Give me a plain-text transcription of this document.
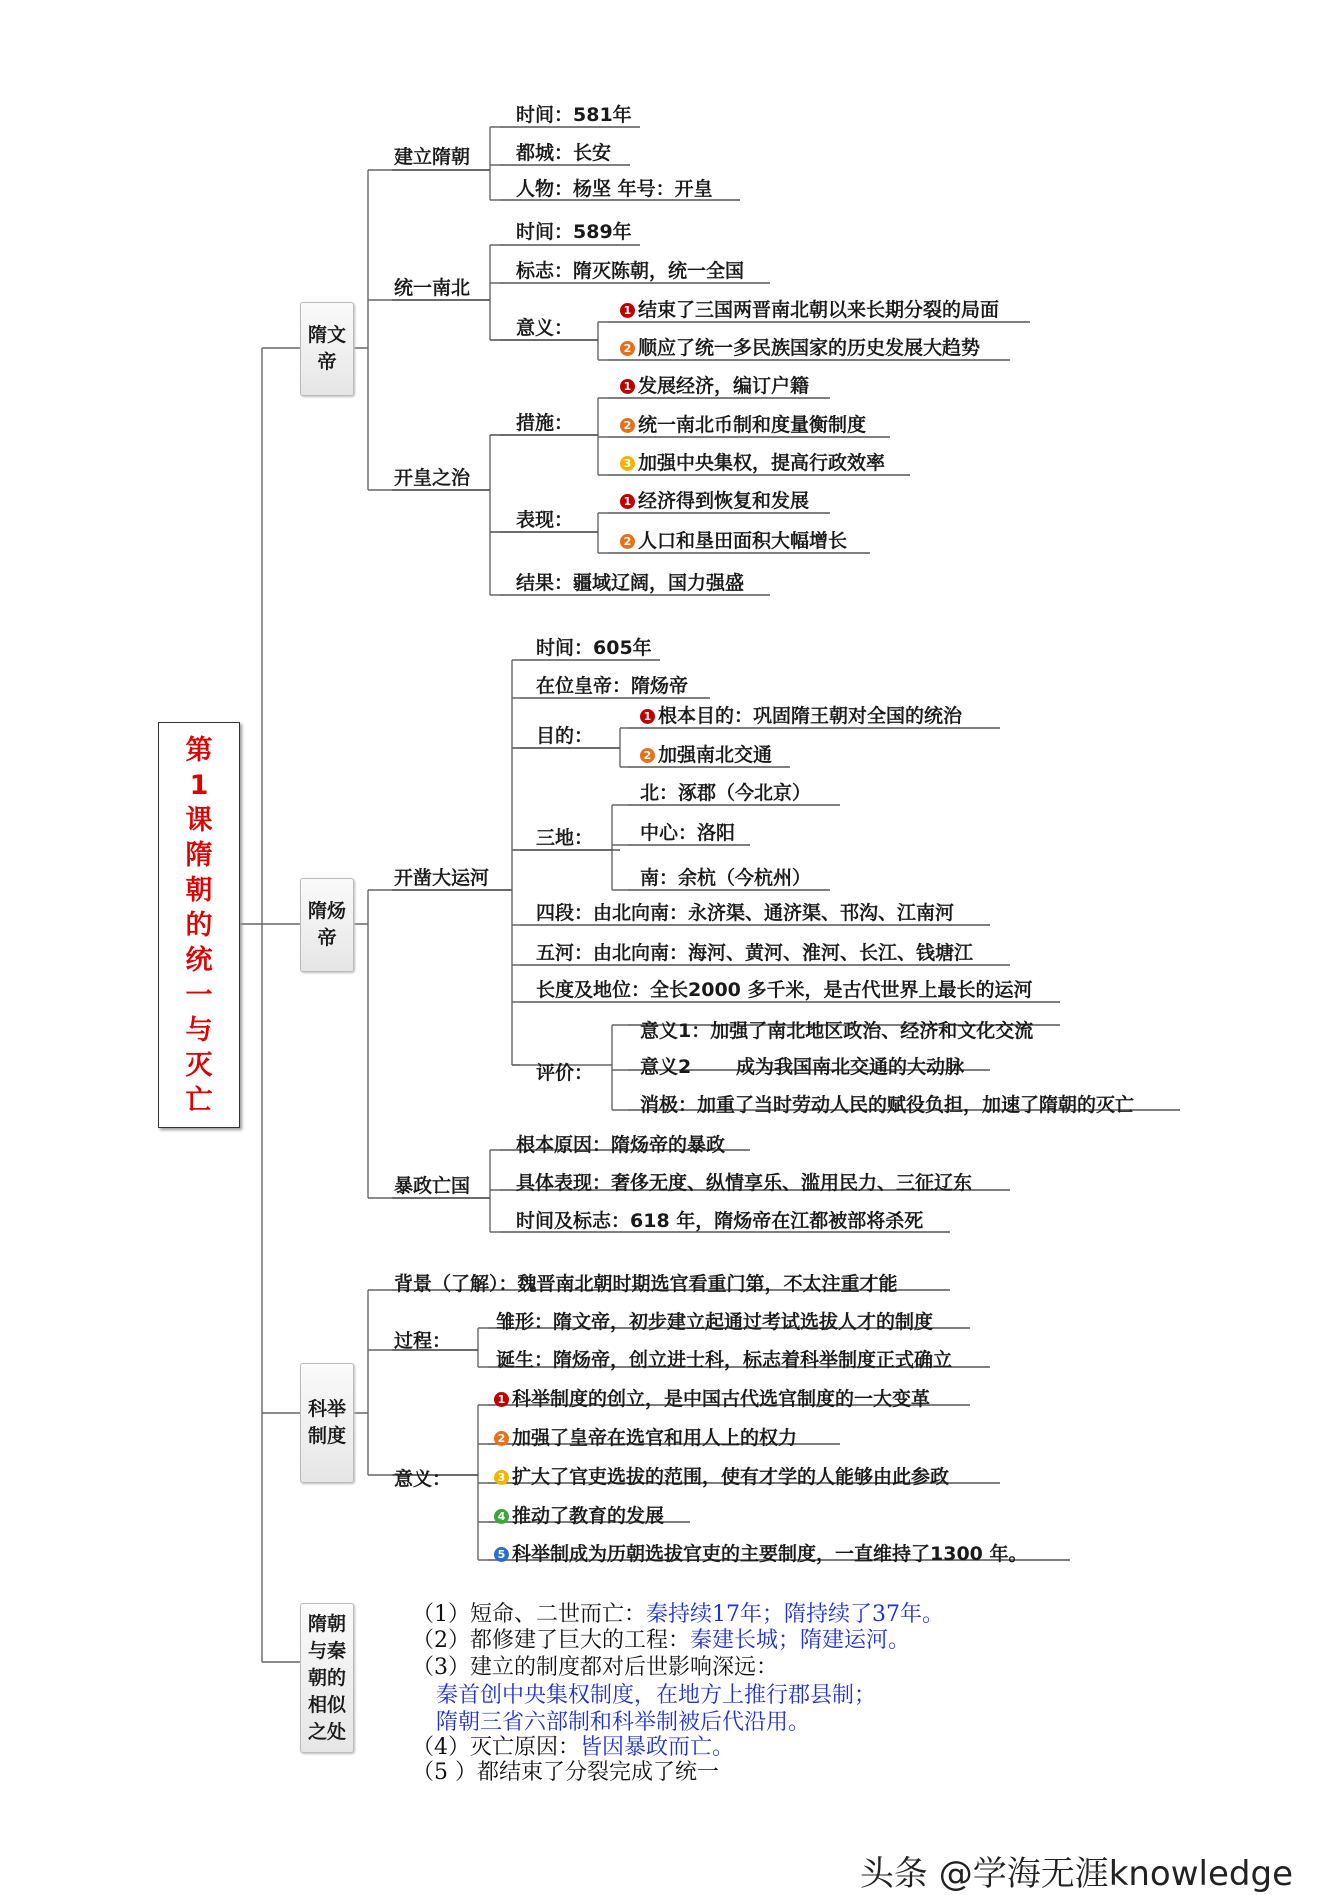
第1课隋朝的统一与灭亡
隋文帝
隋炀帝
科举制度
隋朝与秦朝的相似之处
建立隋朝
时间：581年
都城：长安
人物：杨坚 年号：开皇
统一南北
时间：589年
标志：隋灭陈朝，统一全国
意义：
1 结束了三国两晋南北朝以来长期分裂的局面
2 顺应了统一多民族国家的历史发展大趋势
开皇之治
措施：
1 发展经济，编订户籍
2 统一南北币制和度量衡制度
3 加强中央集权，提高行政效率
表现：
1 经济得到恢复和发展
2 人口和垦田面积大幅增长
结果：疆域辽阔，国力强盛
开凿大运河
时间：605年
在位皇帝：隋炀帝
目的：
1 根本目的：巩固隋王朝对全国的统治
2 加强南北交通
三地：
北：涿郡（今北京）
中心：洛阳
南：余杭（今杭州）
四段：由北向南：永济渠、通济渠、邗沟、江南河
五河：由北向南：海河、黄河、淮河、长江、钱塘江
长度及地位：全长2000 多千米，是古代世界上最长的运河
评价：
意义1：加强了南北地区政治、经济和文化交流
意义2 成为我国南北交通的大动脉
消极：加重了当时劳动人民的赋役负担，加速了隋朝的灭亡
暴政亡国
根本原因：隋炀帝的暴政
具体表现：奢侈无度、纵情享乐、滥用民力、三征辽东
时间及标志：618 年，隋炀帝在江都被部将杀死
背景（了解）：魏晋南北朝时期选官看重门第，不太注重才能
过程：
雏形：隋文帝，初步建立起通过考试选拔人才的制度
诞生：隋炀帝，创立进士科，标志着科举制度正式确立
意义：
1 科举制度的创立，是中国古代选官制度的一大变革
2 加强了皇帝在选官和用人上的权力
3 扩大了官吏选拔的范围，使有才学的人能够由此参政
4 推动了教育的发展
5 科举制成为历朝选拔官吏的主要制度，一直维持了1300 年。
（1）短命、二世而亡：秦持续17年；隋持续了37年。
（2）都修建了巨大的工程：秦建长城；隋建运河。
（3）建立的制度都对后世影响深远：
秦首创中央集权制度，在地方上推行郡县制；
隋朝三省六部制和科举制被后代沿用。
（4）灭亡原因：皆因暴政而亡。
（5 ）都结束了分裂完成了统一
头条 @学海无涯knowledge
